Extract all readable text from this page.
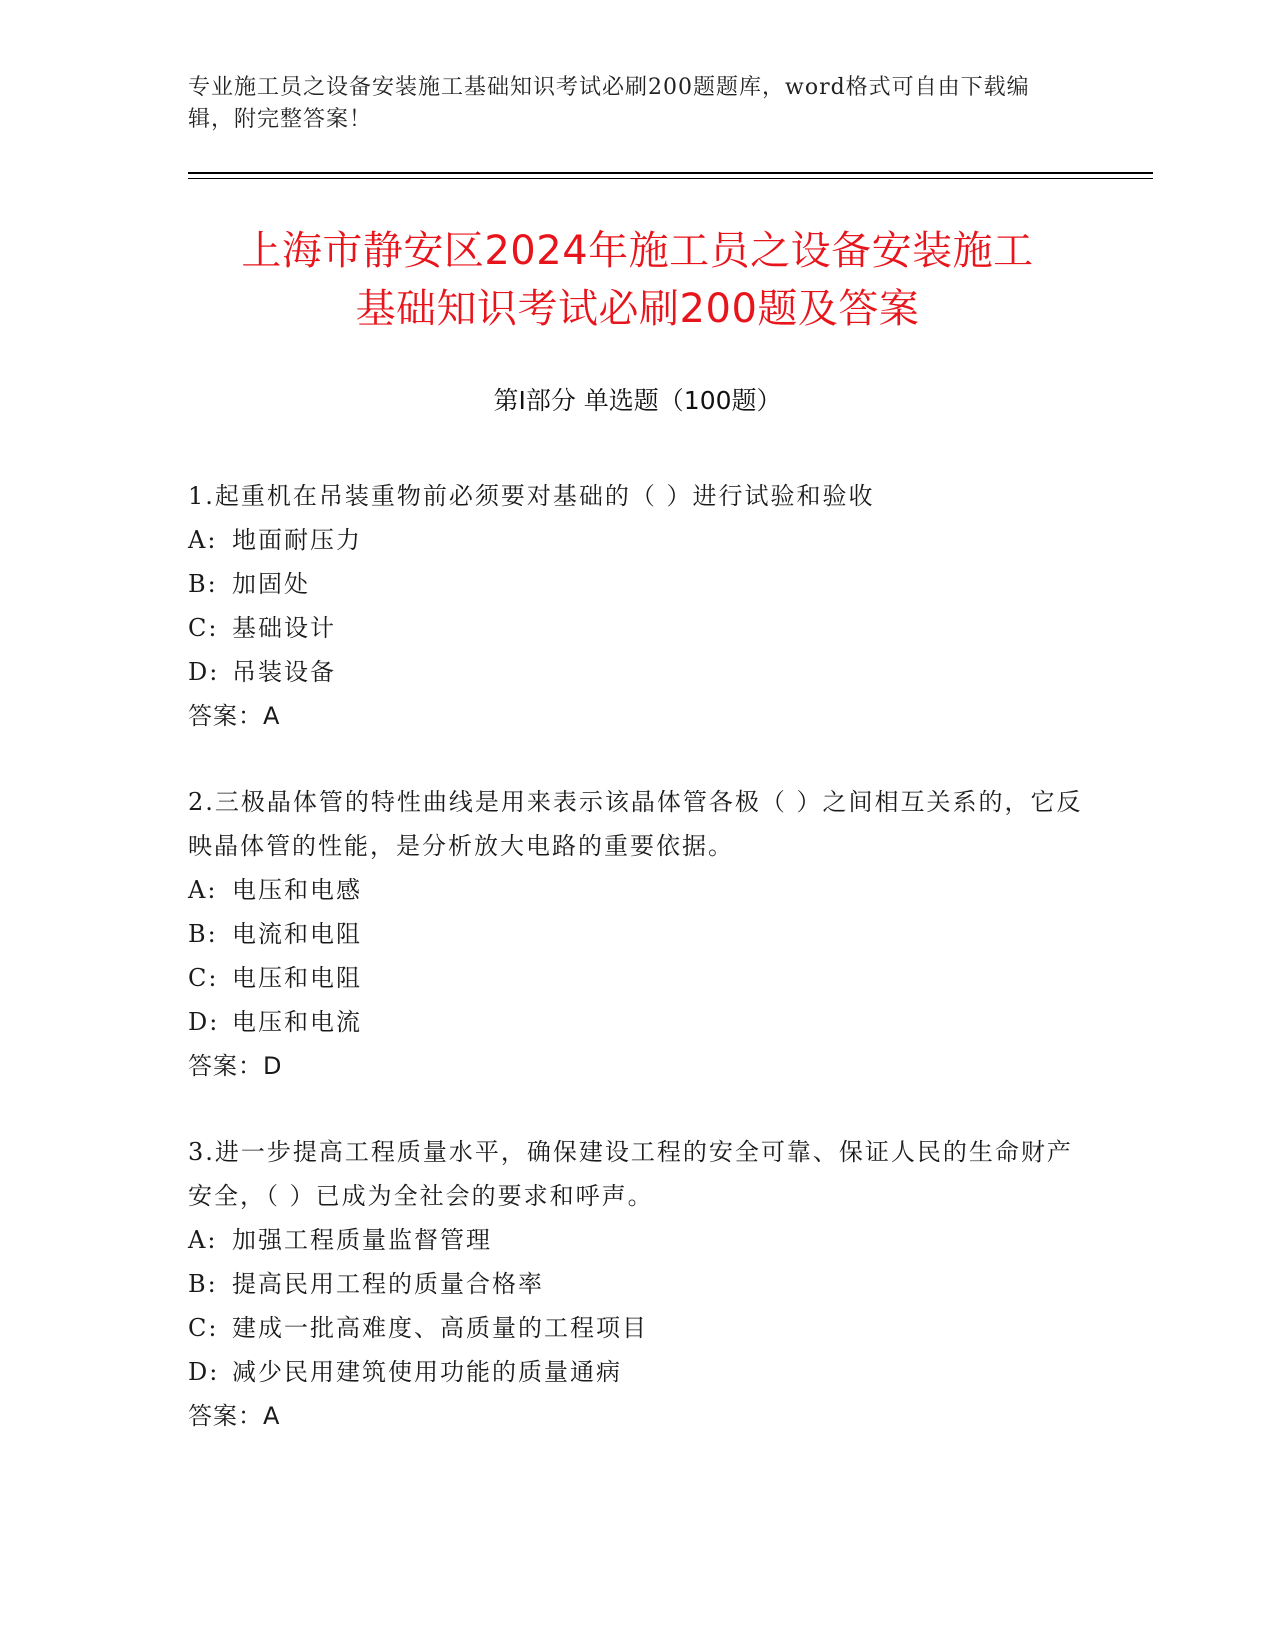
专业施工员之设备安装施工基础知识考试必刷200题题库，word格式可自由下载编辑，附完整答案！
上海市静安区2024年施工员之设备安装施工
基础知识考试必刷200题及答案
第Ⅰ部分 单选题（100题）
1.起重机在吊装重物前必须要对基础的（ ）进行试验和验收
A: 地面耐压力
B: 加固处
C: 基础设计
D: 吊装设备
答案：A
2.三极晶体管的特性曲线是用来表示该晶体管各极（ ）之间相互关系的，它反映晶体管的性能，是分析放大电路的重要依据。
A: 电压和电感
B: 电流和电阻
C: 电压和电阻
D: 电压和电流
答案：D
3.进一步提高工程质量水平，确保建设工程的安全可靠、保证人民的生命财产安全，（ ）已成为全社会的要求和呼声。
A: 加强工程质量监督管理
B: 提高民用工程的质量合格率
C: 建成一批高难度、高质量的工程项目
D: 减少民用建筑使用功能的质量通病
答案：A
